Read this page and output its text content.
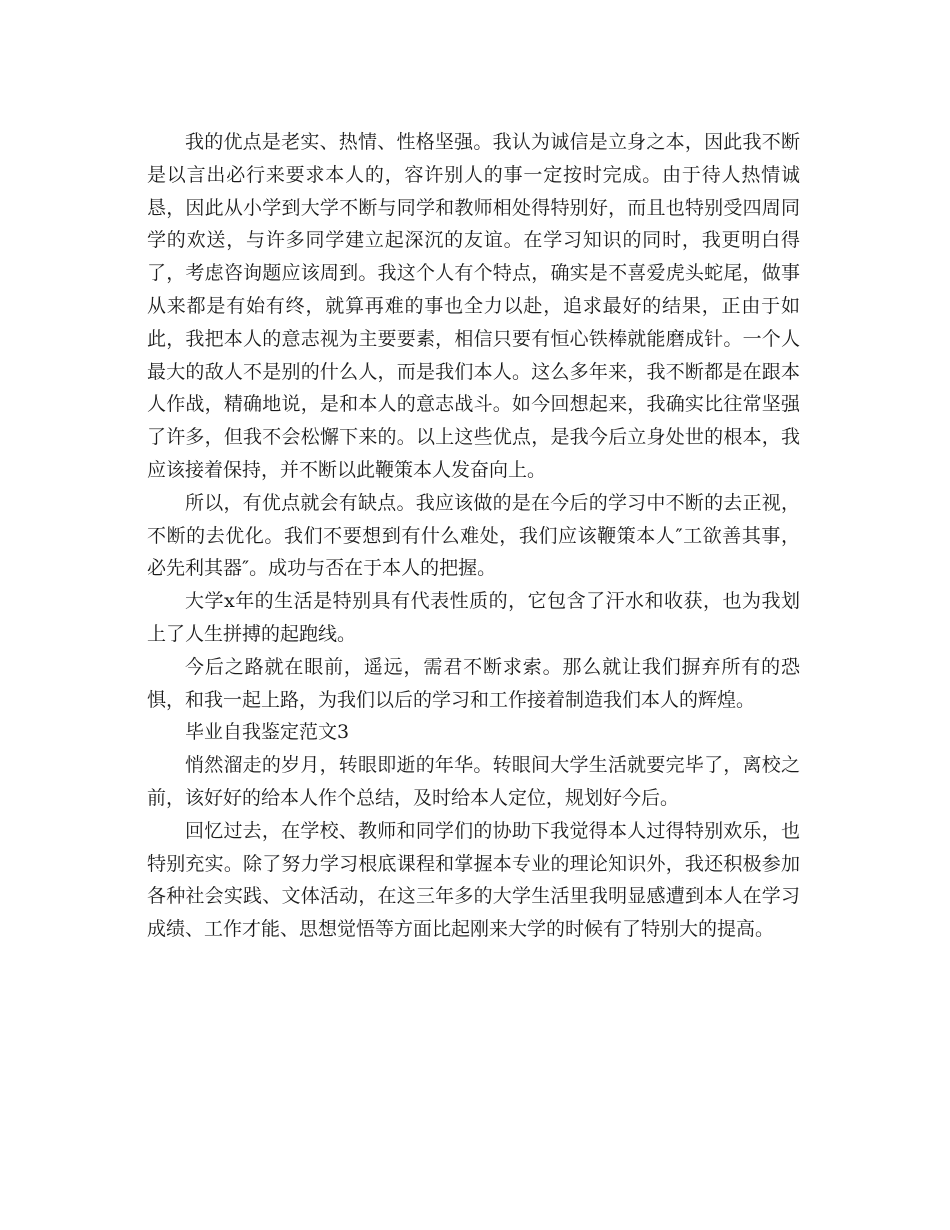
我的优点是老实、热情、性格坚强。我认为诚信是立身之本，因此我不断是以言出必行来要求本人的，容许别人的事一定按时完成。由于待人热情诚恳，因此从小学到大学不断与同学和教师相处得特别好，而且也特别受四周同学的欢送，与许多同学建立起深沉的友谊。在学习知识的同时，我更明白得了，考虑咨询题应该周到。我这个人有个特点，确实是不喜爱虎头蛇尾，做事从来都是有始有终，就算再难的事也全力以赴，追求最好的结果，正由于如此，我把本人的意志视为主要要素，相信只要有恒心铁棒就能磨成针。一个人最大的敌人不是别的什么人，而是我们本人。这么多年来，我不断都是在跟本人作战，精确地说，是和本人的意志战斗。如今回想起来，我确实比往常坚强了许多，但我不会松懈下来的。以上这些优点，是我今后立身处世的根本，我应该接着保持，并不断以此鞭策本人发奋向上。

所以，有优点就会有缺点。我应该做的是在今后的学习中不断的去正视，不断的去优化。我们不要想到有什么难处，我们应该鞭策本人″工欲善其事，必先利其器″。成功与否在于本人的把握。

大学x年的生活是特别具有代表性质的，它包含了汗水和收获，也为我划上了人生拼搏的起跑线。

今后之路就在眼前，遥远，需君不断求索。那么就让我们摒弃所有的恐惧，和我一起上路，为我们以后的学习和工作接着制造我们本人的辉煌。

毕业自我鉴定范文3

悄然溜走的岁月，转眼即逝的年华。转眼间大学生活就要完毕了，离校之前，该好好的给本人作个总结，及时给本人定位，规划好今后。

回忆过去，在学校、教师和同学们的协助下我觉得本人过得特别欢乐，也特别充实。除了努力学习根底课程和掌握本专业的理论知识外，我还积极参加各种社会实践、文体活动，在这三年多的大学生活里我明显感遭到本人在学习成绩、工作才能、思想觉悟等方面比起刚来大学的时候有了特别大的提高。
